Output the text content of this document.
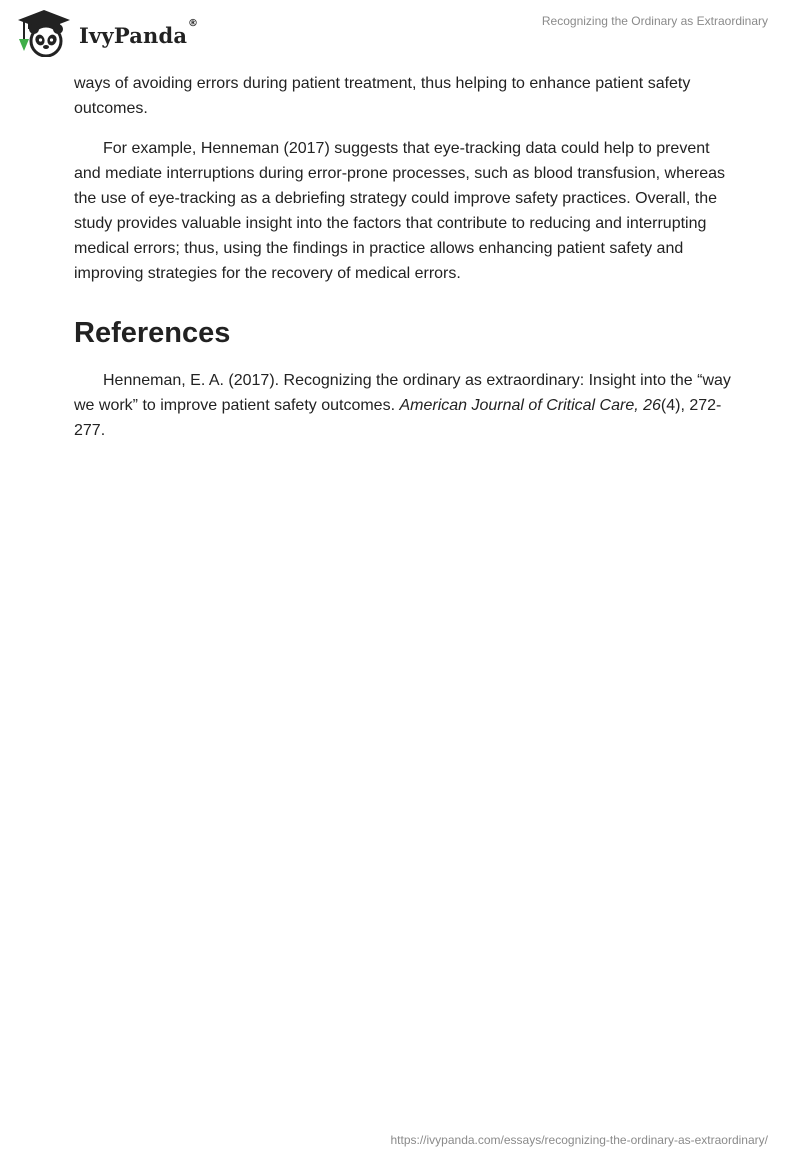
IvyPanda ®	Recognizing the Ordinary as Extraordinary

ways of avoiding errors during patient treatment, thus helping to enhance patient safety outcomes.

For example, Henneman (2017) suggests that eye-tracking data could help to prevent and mediate interruptions during error-prone processes, such as blood transfusion, whereas the use of eye-tracking as a debriefing strategy could improve safety practices. Overall, the study provides valuable insight into the factors that contribute to reducing and interrupting medical errors; thus, using the findings in practice allows enhancing patient safety and improving strategies for the recovery of medical errors.

References

Henneman, E. A. (2017). Recognizing the ordinary as extraordinary: Insight into the “way we work” to improve patient safety outcomes. American Journal of Critical Care, 26(4), 272-277.

https://ivypanda.com/essays/recognizing-the-ordinary-as-extraordinary/
